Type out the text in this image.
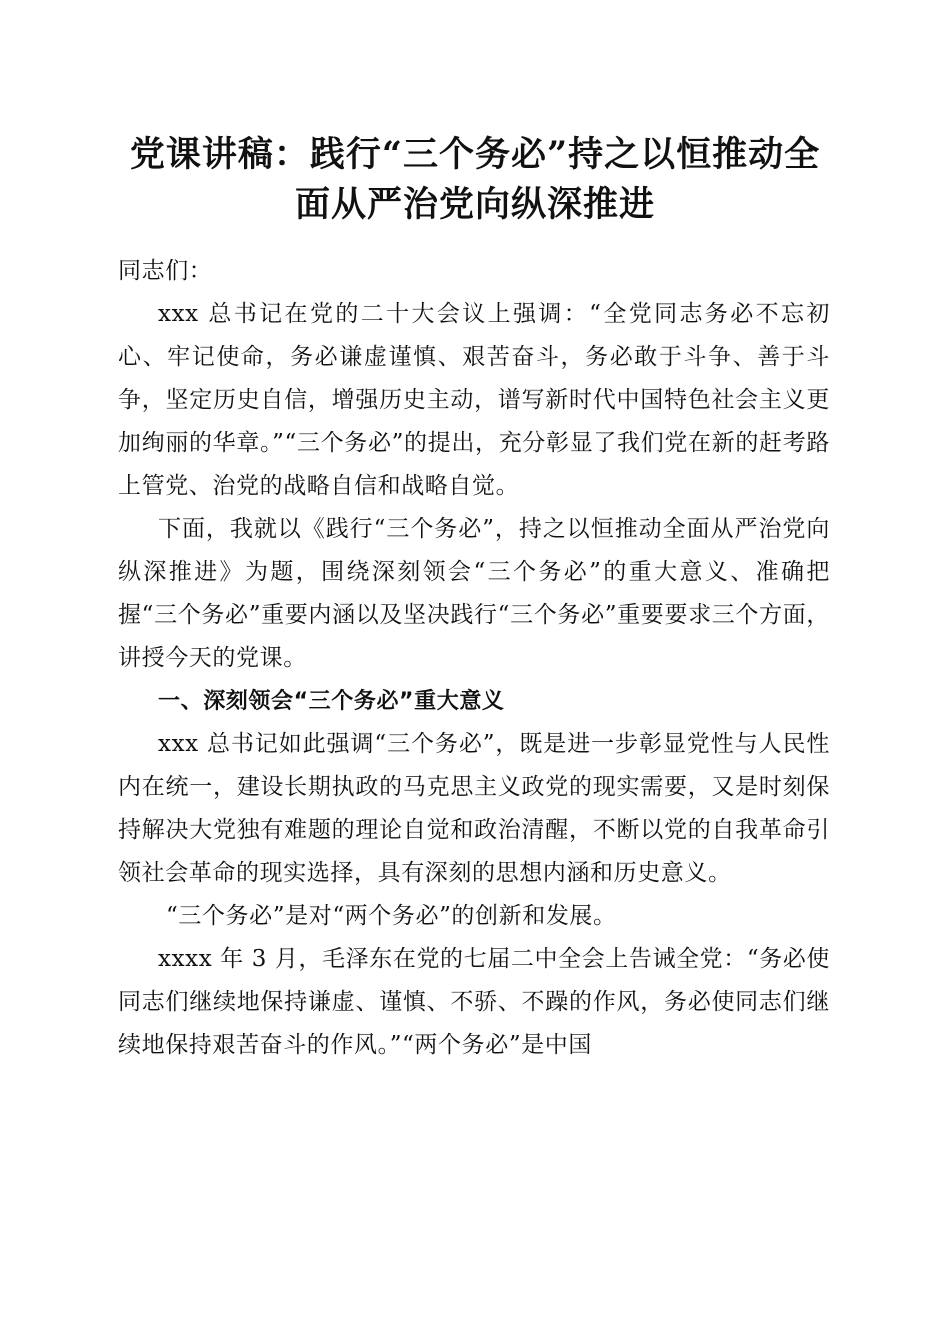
党课讲稿：践行“三个务必”持之以恒推动全
面从严治党向纵深推进

同志们：

xxx 总书记在党的二十大会议上强调：“全党同志务必不忘初心、牢记使命，务必谦虚谨慎、艰苦奋斗，务必敢于斗争、善于斗争，坚定历史自信，增强历史主动，谱写新时代中国特色社会主义更加绚丽的华章。”“三个务必”的提出，充分彰显了我们党在新的赶考路上管党、治党的战略自信和战略自觉。

下面，我就以《践行“三个务必”，持之以恒推动全面从严治党向纵深推进》为题，围绕深刻领会“三个务必”的重大意义、准确把握“三个务必”重要内涵以及坚决践行“三个务必”重要要求三个方面，讲授今天的党课。

一、深刻领会“三个务必”重大意义

xxx 总书记如此强调“三个务必”，既是进一步彰显党性与人民性内在统一，建设长期执政的马克思主义政党的现实需要，又是时刻保持解决大党独有难题的理论自觉和政治清醒，不断以党的自我革命引领社会革命的现实选择，具有深刻的思想内涵和历史意义。

“三个务必”是对“两个务必”的创新和发展。

xxxx 年 3 月，毛泽东在党的七届二中全会上告诫全党：“务必使同志们继续地保持谦虚、谨慎、不骄、不躁的作风，务必使同志们继续地保持艰苦奋斗的作风。”“两个务必”是中国
